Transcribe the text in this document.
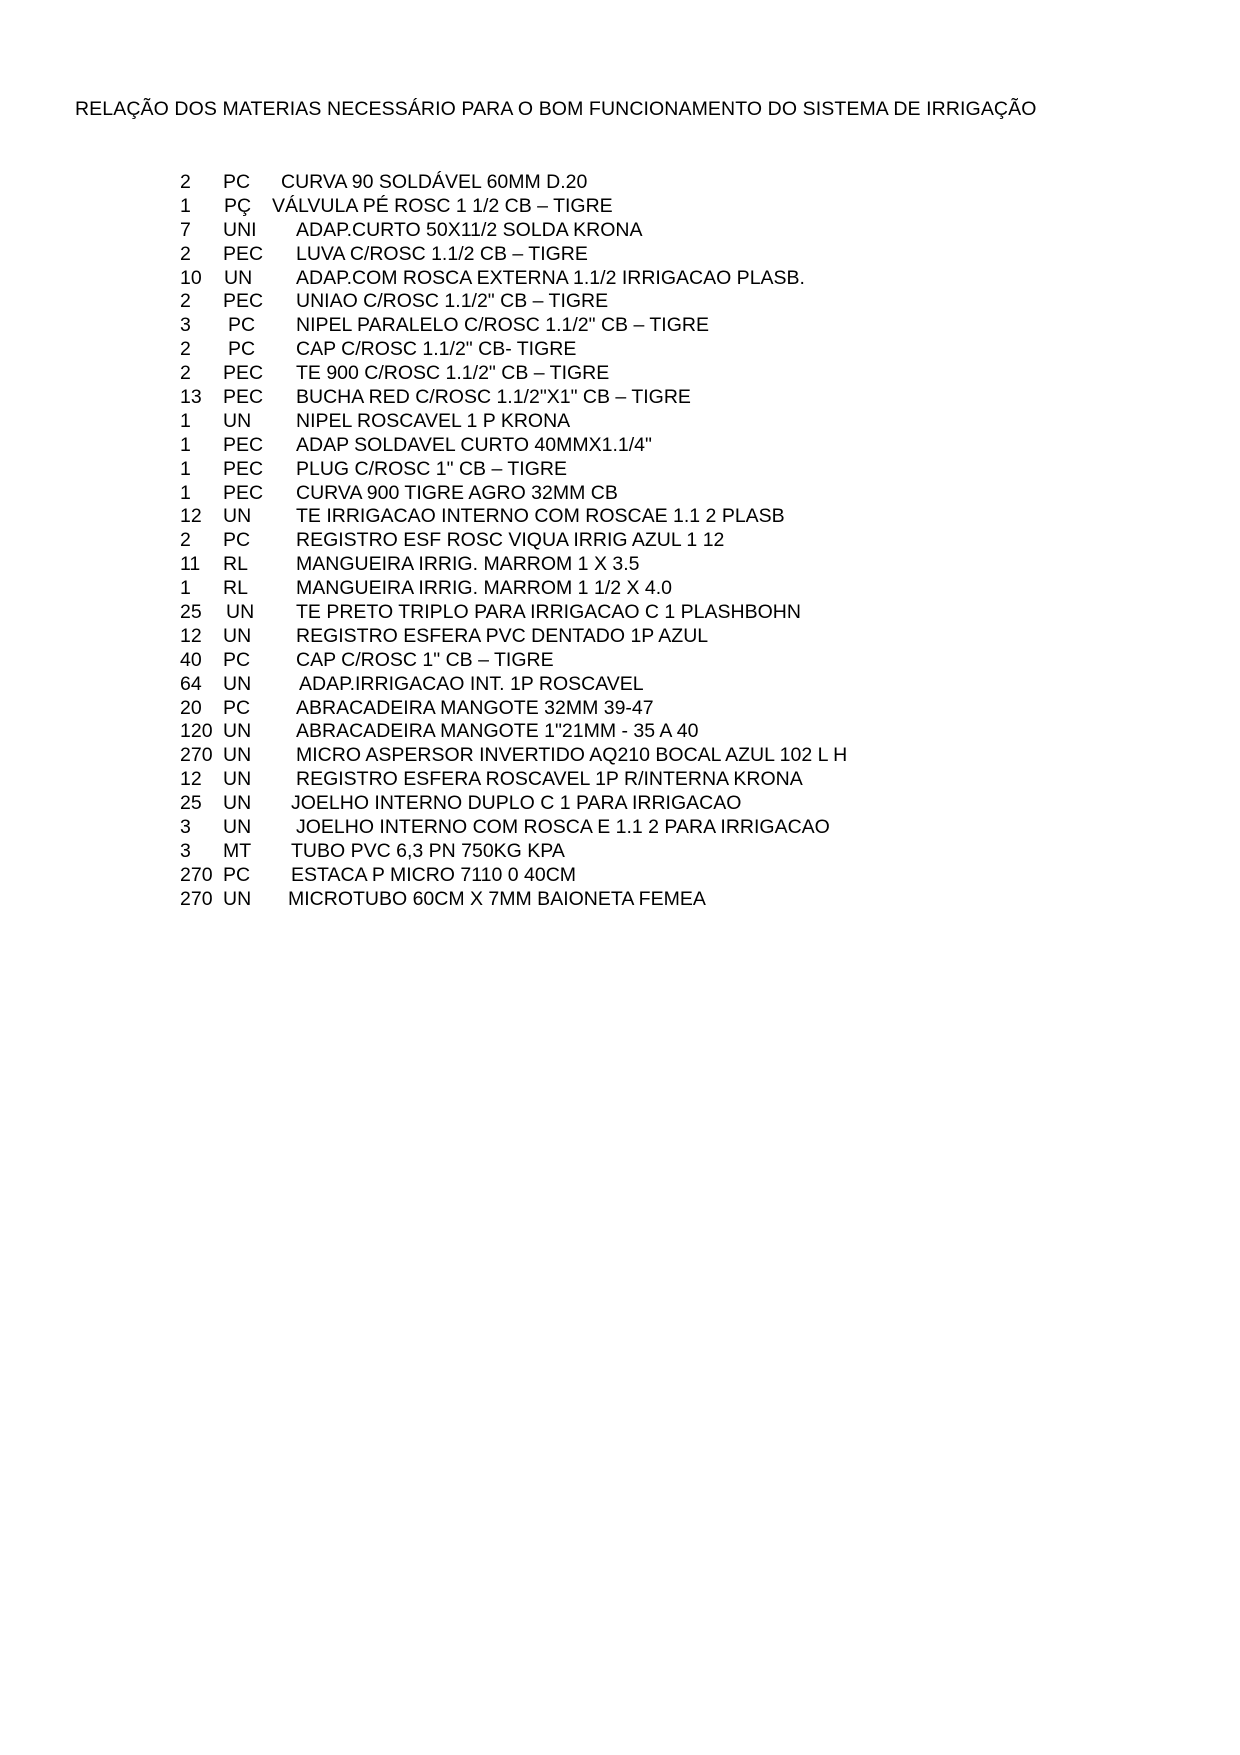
RELAÇÃO DOS MATERIAS NECESSÁRIO PARA O BOM FUNCIONAMENTO DO SISTEMA DE IRRIGAÇÃO
2 PC CURVA 90 SOLDÁVEL 60MM D.20
1 PÇ VÁLVULA PÉ ROSC 1 1/2 CB – TIGRE
7 UNI ADAP.CURTO 50X11/2 SOLDA KRONA
2 PEC LUVA C/ROSC 1.1/2 CB – TIGRE
10 UN ADAP.COM ROSCA EXTERNA 1.1/2 IRRIGACAO PLASB.
2 PEC UNIAO C/ROSC 1.1/2" CB – TIGRE
3 PC NIPEL PARALELO C/ROSC 1.1/2" CB – TIGRE
2 PC CAP C/ROSC 1.1/2" CB- TIGRE
2 PEC TE 900 C/ROSC 1.1/2" CB – TIGRE
13 PEC BUCHA RED C/ROSC 1.1/2"X1" CB – TIGRE
1 UN NIPEL ROSCAVEL 1 P KRONA
1 PEC ADAP SOLDAVEL CURTO 40MMX1.1/4"
1 PEC PLUG C/ROSC 1" CB – TIGRE
1 PEC CURVA 900 TIGRE AGRO 32MM CB
12 UN TE IRRIGACAO INTERNO COM ROSCAE 1.1 2 PLASB
2 PC REGISTRO ESF ROSC VIQUA IRRIG AZUL 1 12
11 RL MANGUEIRA IRRIG. MARROM 1 X 3.5
1 RL MANGUEIRA IRRIG. MARROM 1 1/2 X 4.0
25 UN TE PRETO TRIPLO PARA IRRIGACAO C 1 PLASHBOHN
12 UN REGISTRO ESFERA PVC DENTADO 1P AZUL
40 PC CAP C/ROSC 1" CB – TIGRE
64 UN ADAP.IRRIGACAO INT. 1P ROSCAVEL
20 PC ABRACADEIRA MANGOTE 32MM 39-47
120 UN ABRACADEIRA MANGOTE 1"21MM - 35 A 40
270 UN MICRO ASPERSOR INVERTIDO AQ210 BOCAL AZUL 102 L H
12 UN REGISTRO ESFERA ROSCAVEL 1P R/INTERNA KRONA
25 UN JOELHO INTERNO DUPLO C 1 PARA IRRIGACAO
3 UN JOELHO INTERNO COM ROSCA E 1.1 2 PARA IRRIGACAO
3 MT TUBO PVC 6,3 PN 750KG KPA
270 PC ESTACA P MICRO 7110 0 40CM
270 UN MICROTUBO 60CM X 7MM BAIONETA FEMEA
